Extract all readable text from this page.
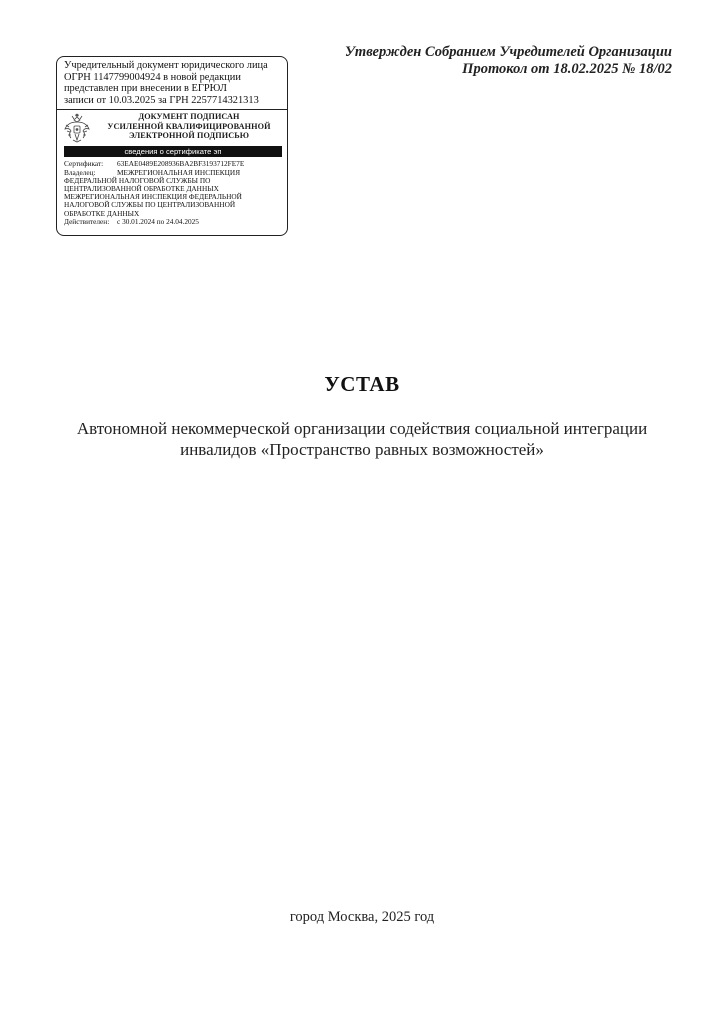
Утвержден Собранием Учредителей Организации
Протокол от 18.02.2025 № 18/02
Учредительный документ юридического лица
ОГРН 1147799004924 в новой редакции
представлен при внесении в ЕГРЮЛ
записи от 10.03.2025 за ГРН 2257714321313
ДОКУМЕНТ ПОДПИСАН
УСИЛЕННОЙ КВАЛИФИЦИРОВАННОЙ
ЭЛЕКТРОННОЙ ПОДПИСЬЮ
сведения о сертификате эп
Сертификат:	63EAE0489E208936BA2BF3193712FE7E
Владелец:	МЕЖРЕГИОНАЛЬНАЯ ИНСПЕКЦИЯ
ФЕДЕРАЛЬНОЙ НАЛОГОВОЙ СЛУЖБЫ ПО
ЦЕНТРАЛИЗОВАННОЙ ОБРАБОТКЕ ДАННЫХ
МЕЖРЕГИОНАЛЬНАЯ ИНСПЕКЦИЯ ФЕДЕРАЛЬНОЙ
НАЛОГОВОЙ СЛУЖБЫ ПО ЦЕНТРАЛИЗОВАННОЙ
ОБРАБОТКЕ ДАННЫХ
Действителен:	с 30.01.2024 по 24.04.2025
УСТАВ
Автономной некоммерческой организации содействия социальной интеграции
инвалидов «Пространство равных возможностей»
город Москва, 2025 год
